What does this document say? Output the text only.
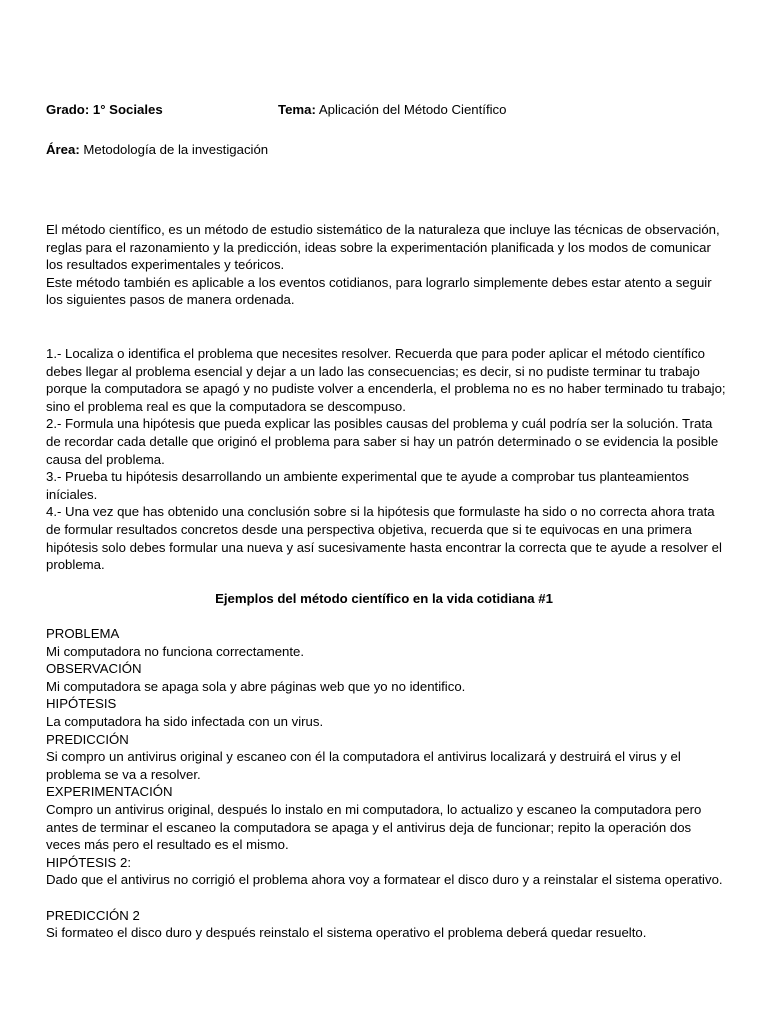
Grado: 1° Sociales	Tema: Aplicación del Método Científico
Área: Metodología de la investigación

El método científico, es un método de estudio sistemático de la naturaleza que incluye las técnicas de observación, reglas para el razonamiento y la predicción, ideas sobre la experimentación planificada y los modos de comunicar los resultados experimentales y teóricos.

Este método también es aplicable a los eventos cotidianos, para lograrlo simplemente debes estar atento a seguir los siguientes pasos de manera ordenada.

1.- Localiza o identifica el problema que necesites resolver. Recuerda que para poder aplicar el método científico debes llegar al problema esencial y dejar a un lado las consecuencias; es decir, si no pudiste terminar tu trabajo porque la computadora se apagó y no pudiste volver a encenderla, el problema no es no haber terminado tu trabajo; sino el problema real es que la computadora se descompuso.

2.- Formula una hipótesis que pueda explicar las posibles causas del problema y cuál podría ser la solución. Trata de recordar cada detalle que originó el problema para saber si hay un patrón determinado o se evidencia la posible causa del problema.

3.- Prueba tu hipótesis desarrollando un ambiente experimental que te ayude a comprobar tus planteamientos iníciales.

4.- Una vez que has obtenido una conclusión sobre si la hipótesis que formulaste ha sido o no correcta ahora trata de formular resultados concretos desde una perspectiva objetiva, recuerda que si te equivocas en una primera hipótesis solo debes formular una nueva y así sucesivamente hasta encontrar la correcta que te ayude a resolver el problema.

Ejemplos del método científico en la vida cotidiana #1

PROBLEMA

Mi computadora no funciona correctamente.

OBSERVACIÓN

Mi computadora se apaga sola y abre páginas web que yo no identifico.

HIPÓTESIS

La computadora ha sido infectada con un virus.

PREDICCIÓN

Si compro un antivirus original y escaneo con él la computadora el antivirus localizará y destruirá el virus y el problema se va a resolver.

EXPERIMENTACIÓN

Compro un antivirus original, después lo instalo en mi computadora, lo actualizo y escaneo la computadora pero antes de terminar el escaneo la computadora se apaga y el antivirus deja de funcionar; repito la operación dos veces más pero el resultado es el mismo.

HIPÓTESIS 2:

Dado que el antivirus no corrigió el problema ahora voy a formatear el disco duro y a reinstalar el sistema operativo.

PREDICCIÓN 2

Si formateo el disco duro y después reinstalo el sistema operativo el problema deberá quedar resuelto.
